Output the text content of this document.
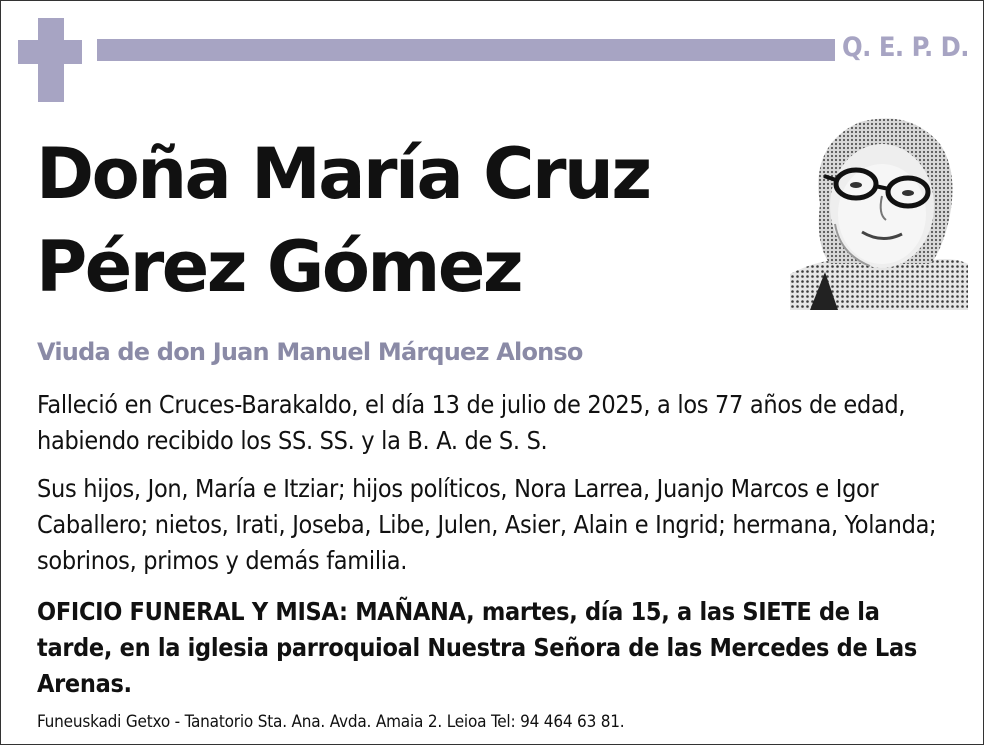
Q. E. P. D.
Doña María Cruz
Pérez Gómez
Viuda de don Juan Manuel Márquez Alonso

Falleció en Cruces-Barakaldo, el día 13 de julio de 2025, a los 77 años de edad, habiendo recibido los SS. SS. y la B. A. de S. S.

Sus hijos, Jon, María e Itziar; hijos políticos, Nora Larrea, Juanjo Marcos e Igor Caballero; nietos, Irati, Joseba, Libe, Julen, Asier, Alain e Ingrid; hermana, Yolanda; sobrinos, primos y demás familia.

OFICIO FUNERAL Y MISA: MAÑANA, martes, día 15, a las SIETE de la tarde, en la iglesia parroquioal Nuestra Señora de las Mercedes de Las Arenas.

Funeuskadi Getxo - Tanatorio Sta. Ana. Avda. Amaia 2. Leioa Tel: 94 464 63 81.
